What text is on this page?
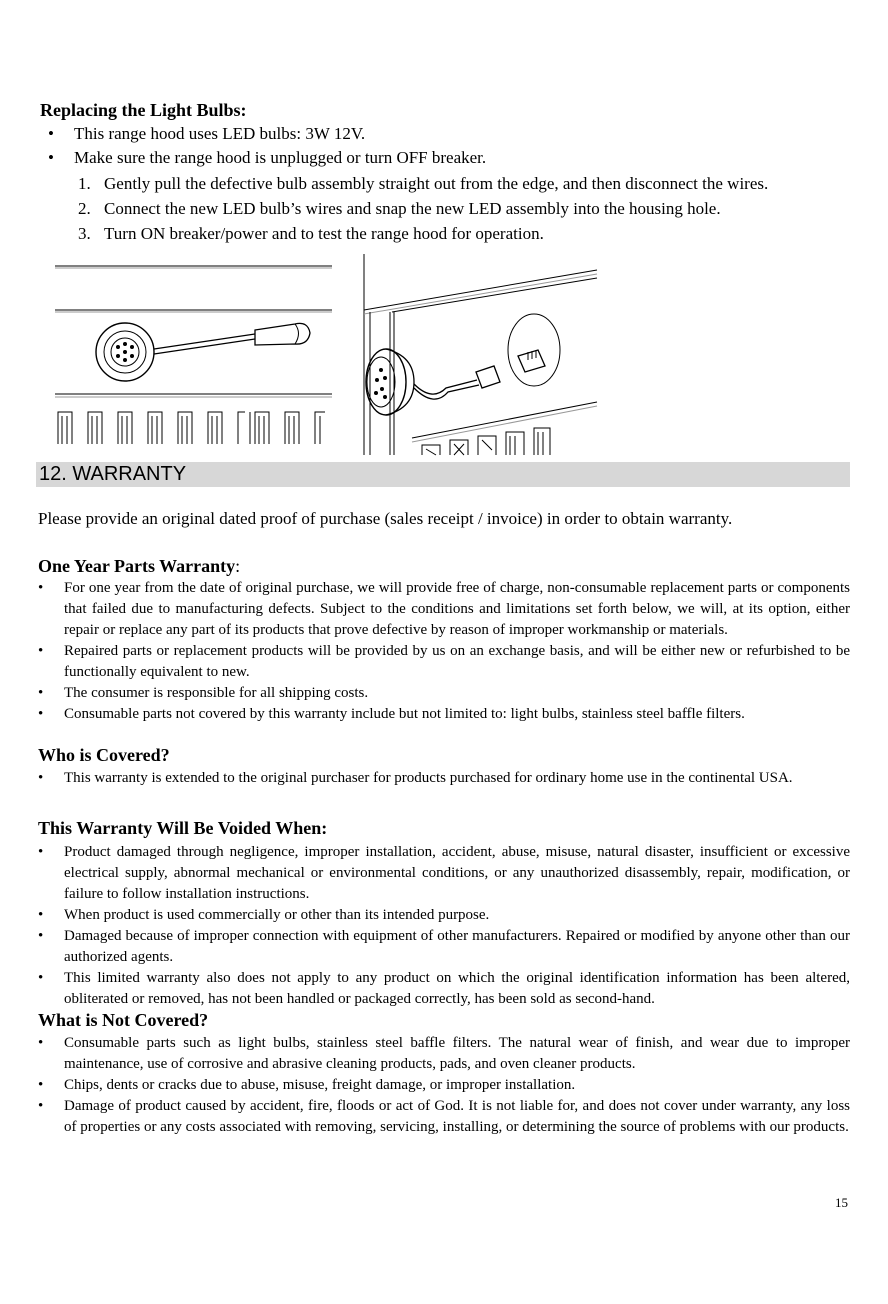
Replacing the Light Bulbs:
• This range hood uses LED bulbs: 3W 12V.
• Make sure the range hood is unplugged or turn OFF breaker.
1. Gently pull the defective bulb assembly straight out from the edge, and then disconnect the wires.
2. Connect the new LED bulb’s wires and snap the new LED assembly into the housing hole.
3. Turn ON breaker/power and to test the range hood for operation.
12. WARRANTY
Please provide an original dated proof of purchase (sales receipt / invoice) in order to obtain warranty.
One Year Parts Warranty:
• For one year from the date of original purchase, we will provide free of charge, non-consumable replacement parts or components that failed due to manufacturing defects. Subject to the conditions and limitations set forth below, we will, at its option, either repair or replace any part of its products that prove defective by reason of improper workmanship or materials.
• Repaired parts or replacement products will be provided by us on an exchange basis, and will be either new or refurbished to be functionally equivalent to new.
• The consumer is responsible for all shipping costs.
• Consumable parts not covered by this warranty include but not limited to: light bulbs, stainless steel baffle filters.
Who is Covered?
• This warranty is extended to the original purchaser for products purchased for ordinary home use in the continental USA.
This Warranty Will Be Voided When:
• Product damaged through negligence, improper installation, accident, abuse, misuse, natural disaster, insufficient or excessive electrical supply, abnormal mechanical or environmental conditions, or any unauthorized disassembly, repair, modification, or failure to follow installation instructions.
• When product is used commercially or other than its intended purpose.
• Damaged because of improper connection with equipment of other manufacturers. Repaired or modified by anyone other than our authorized agents.
• This limited warranty also does not apply to any product on which the original identification information has been altered, obliterated or removed, has not been handled or packaged correctly, has been sold as second-hand.
What is Not Covered?
• Consumable parts such as light bulbs, stainless steel baffle filters. The natural wear of finish, and wear due to improper maintenance, use of corrosive and abrasive cleaning products, pads, and oven cleaner products.
• Chips, dents or cracks due to abuse, misuse, freight damage, or improper installation.
• Damage of product caused by accident, fire, floods or act of God. It is not liable for, and does not cover under warranty, any loss of properties or any costs associated with removing, servicing, installing, or determining the source of problems with our products.
15
